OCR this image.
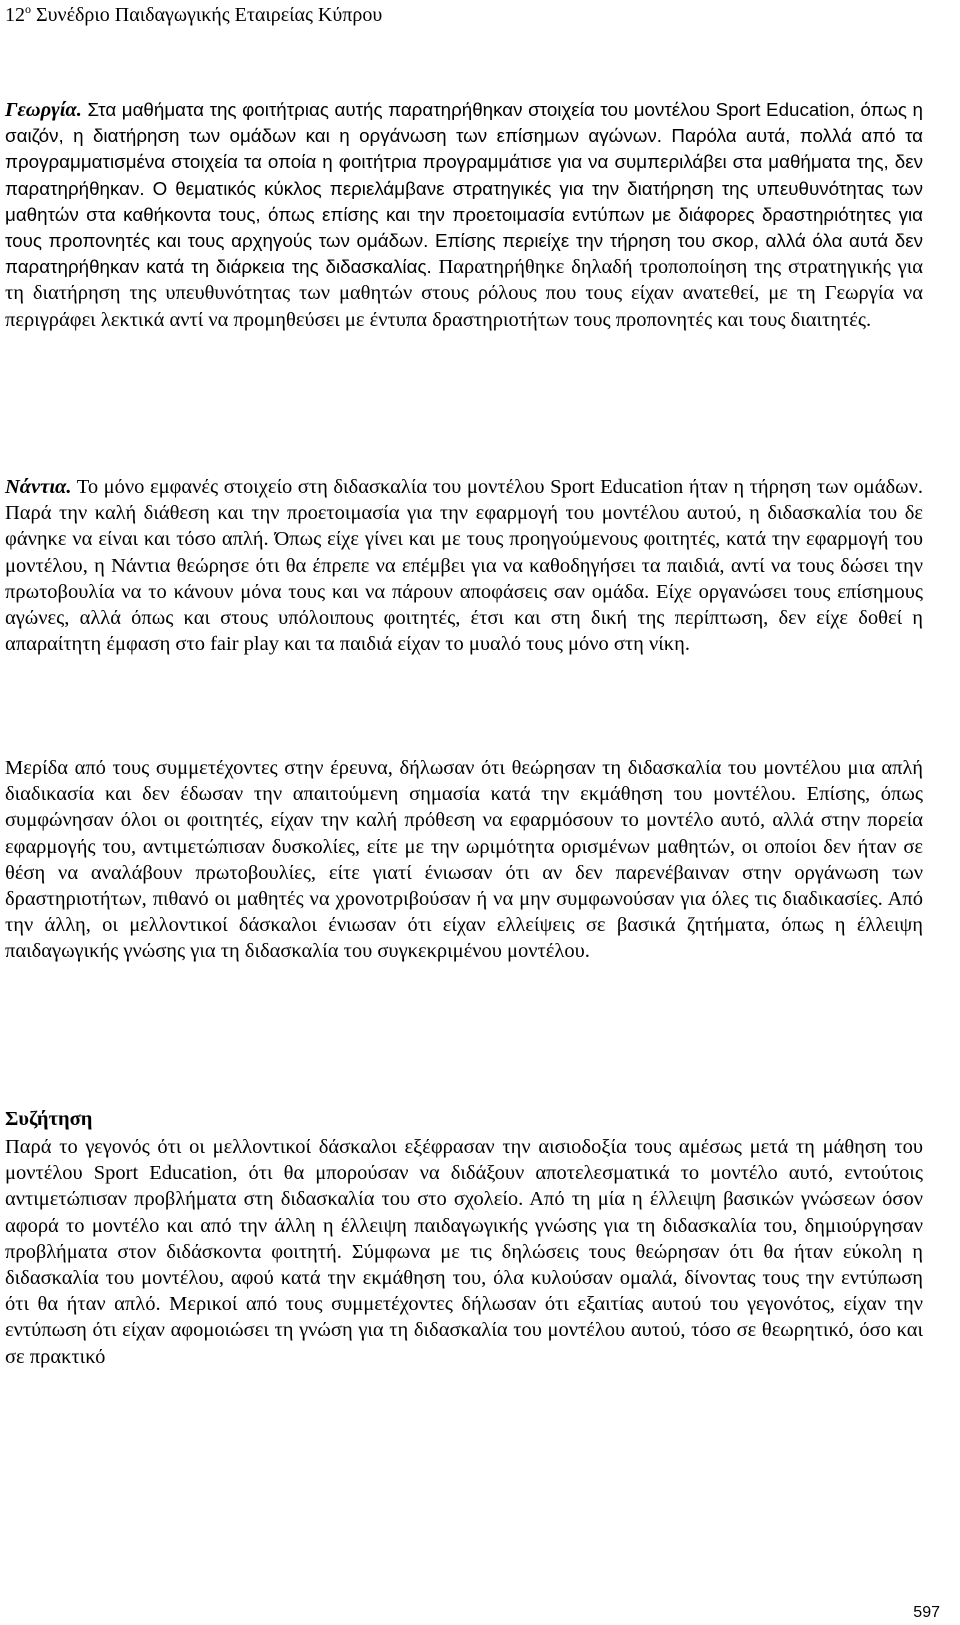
$12^o$ Συνέδριο Παιδαγωγικής Εταιρείας Κύπρου

Γεωργία. Στα μαθήματα της φοιτήτριας αυτής παρατηρήθηκαν στοιχεία του μοντέλου Sport Education, όπως η σαιζόν, η διατήρηση των ομάδων και η οργάνωση των επίσημων αγώνων. Παρόλα αυτά, πολλά από τα προγραμματισμένα στοιχεία τα οποία η φοιτήτρια προγραμμάτισε για να συμπεριλάβει στα μαθήματα της, δεν παρατηρήθηκαν. Ο θεματικός κύκλος περιελάμβανε στρατηγικές για την διατήρηση της υπευθυνότητας των μαθητών στα καθήκοντα τους, όπως επίσης και την προετοιμασία εντύπων με διάφορες δραστηριότητες για τους προπονητές και τους αρχηγούς των ομάδων. Επίσης περιείχε την τήρηση του σκορ, αλλά όλα αυτά δεν παρατηρήθηκαν κατά τη διάρκεια της διδασκαλίας. Παρατηρήθηκε δηλαδή τροποποίηση της στρατηγικής για τη διατήρηση της υπευθυνότητας των μαθητών στους ρόλους που τους είχαν ανατεθεί, με τη Γεωργία να περιγράφει λεκτικά αντί να προμηθεύσει με έντυπα δραστηριοτήτων τους προπονητές και τους διαιτητές.

Νάντια. Το μόνο εμφανές στοιχείο στη διδασκαλία του μοντέλου Sport Education ήταν η τήρηση των ομάδων. Παρά την καλή διάθεση και την προετοιμασία για την εφαρμογή του μοντέλου αυτού, η διδασκαλία του δε φάνηκε να είναι και τόσο απλή. Όπως είχε γίνει και με τους προηγούμενους φοιτητές, κατά την εφαρμογή του μοντέλου, η Νάντια θεώρησε ότι θα έπρεπε να επέμβει για να καθοδηγήσει τα παιδιά, αντί να τους δώσει την πρωτοβουλία να το κάνουν μόνα τους και να πάρουν αποφάσεις σαν ομάδα. Είχε οργανώσει τους επίσημους αγώνες, αλλά όπως και στους υπόλοιπους φοιτητές, έτσι και στη δική της περίπτωση, δεν είχε δοθεί η απαραίτητη έμφαση στο fair play και τα παιδιά είχαν το μυαλό τους μόνο στη νίκη.

Μερίδα από τους συμμετέχοντες στην έρευνα, δήλωσαν ότι θεώρησαν τη διδασκαλία του μοντέλου μια απλή διαδικασία και δεν έδωσαν την απαιτούμενη σημασία κατά την εκμάθηση του μοντέλου. Επίσης, όπως συμφώνησαν όλοι οι φοιτητές, είχαν την καλή πρόθεση να εφαρμόσουν το μοντέλο αυτό, αλλά στην πορεία εφαρμογής του, αντιμετώπισαν δυσκολίες, είτε με την ωριμότητα ορισμένων μαθητών, οι οποίοι δεν ήταν σε θέση να αναλάβουν πρωτοβουλίες, είτε γιατί ένιωσαν ότι αν δεν παρενέβαιναν στην οργάνωση των δραστηριοτήτων, πιθανό οι μαθητές να χρονοτριβούσαν ή να μην συμφωνούσαν για όλες τις διαδικασίες. Από την άλλη, οι μελλοντικοί δάσκαλοι ένιωσαν ότι είχαν ελλείψεις σε βασικά ζητήματα, όπως η έλλειψη παιδαγωγικής γνώσης για τη διδασκαλία του συγκεκριμένου μοντέλου.

Συζήτηση

Παρά το γεγονός ότι οι μελλοντικοί δάσκαλοι εξέφρασαν την αισιοδοξία τους αμέσως μετά τη μάθηση του μοντέλου Sport Education, ότι θα μπορούσαν να διδάξουν αποτελεσματικά το μοντέλο αυτό, εντούτοις αντιμετώπισαν προβλήματα στη διδασκαλία του στο σχολείο. Από τη μία η έλλειψη βασικών γνώσεων όσον αφορά το μοντέλο και από την άλλη η έλλειψη παιδαγωγικής γνώσης για τη διδασκαλία του, δημιούργησαν προβλήματα στον διδάσκοντα φοιτητή. Σύμφωνα με τις δηλώσεις τους θεώρησαν ότι θα ήταν εύκολη η διδασκαλία του μοντέλου, αφού κατά την εκμάθηση του, όλα κυλούσαν ομαλά, δίνοντας τους την εντύπωση ότι θα ήταν απλό. Μερικοί από τους συμμετέχοντες δήλωσαν ότι εξαιτίας αυτού του γεγονότος, είχαν την εντύπωση ότι είχαν αφομοιώσει τη γνώση για τη διδασκαλία του μοντέλου αυτού, τόσο σε θεωρητικό, όσο και σε πρακτικό

597
